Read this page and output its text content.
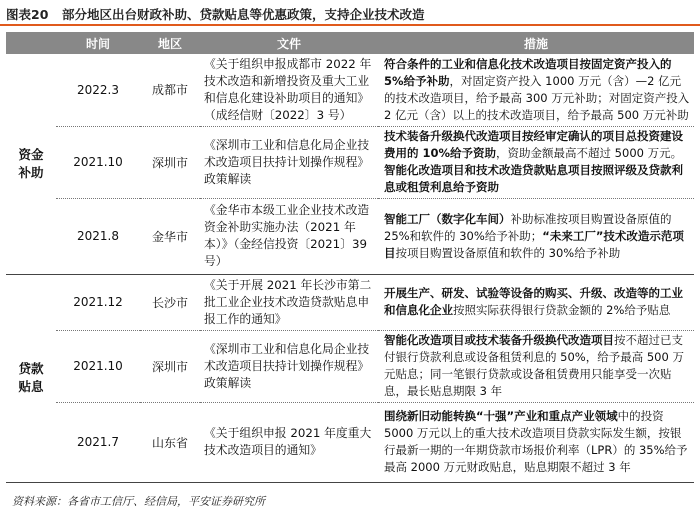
图表20 部分地区出台财政补助、贷款贴息等优惠政策，支持企业技术改造
	时间	地区	文件	措施
资金
补助	2022.3	成都市	《关于组织申报成都市 2022 年技术改造和新增投资及重大工业和信息化建设补助项目的通知》（成经信财〔2022〕3 号）	符合条件的工业和信息化技术改造项目按固定资产投入的 5%给予补助，对固定资产投入 1000 万元（含）—2 亿元的技术改造项目，给予最高 300 万元补助；对固定资产投入 2 亿元（含）以上的技术改造项目，给予最高 500 万元补助
	2021.10	深圳市	《深圳市工业和信息化局企业技术改造项目扶持计划操作规程》政策解读	技术装备升级换代改造项目按经审定确认的项目总投资建设费用的 10%给予资助，资助金额最高不超过 5000 万元。智能化改造项目和技术改造贷款贴息项目按照评级及贷款利息或租赁利息给予资助
	2021.8	金华市	《金华市本级工业企业技术改造资金补助实施办法（2021 年本）》（金经信投资〔2021〕39 号）	智能工厂（数字化车间）补助标准按项目购置设备原值的 25%和软件的 30%给予补助；“未来工厂”技术改造示范项目按项目购置设备原值和软件的 30%给予补助
贷款
贴息	2021.12	长沙市	《关于开展 2021 年长沙市第二批工业企业技术改造贷款贴息申报工作的通知》	开展生产、研发、试验等设备的购买、升级、改造等的工业和信息化企业按照实际获得银行贷款金额的 2%给予贴息
	2021.10	深圳市	《深圳市工业和信息化局企业技术改造项目扶持计划操作规程》政策解读	智能化改造项目或技术装备升级换代改造项目按不超过已支付银行贷款利息或设备租赁利息的 50%，给予最高 500 万元贴息；同一笔银行贷款或设备租赁费用只能享受一次贴息，最长贴息期限 3 年
	2021.7	山东省	《关于组织申报 2021 年度重大技术改造项目的通知》	围绕新旧动能转换“十强”产业和重点产业领域中的投资 5000 万元以上的重大技术改造项目贷款实际发生额，按银行最新一期的一年期贷款市场报价利率（LPR）的 35%给予最高 2000 万元财政贴息，贴息期限不超过 3 年
资料来源：各省市工信厅、经信局，平安证券研究所
